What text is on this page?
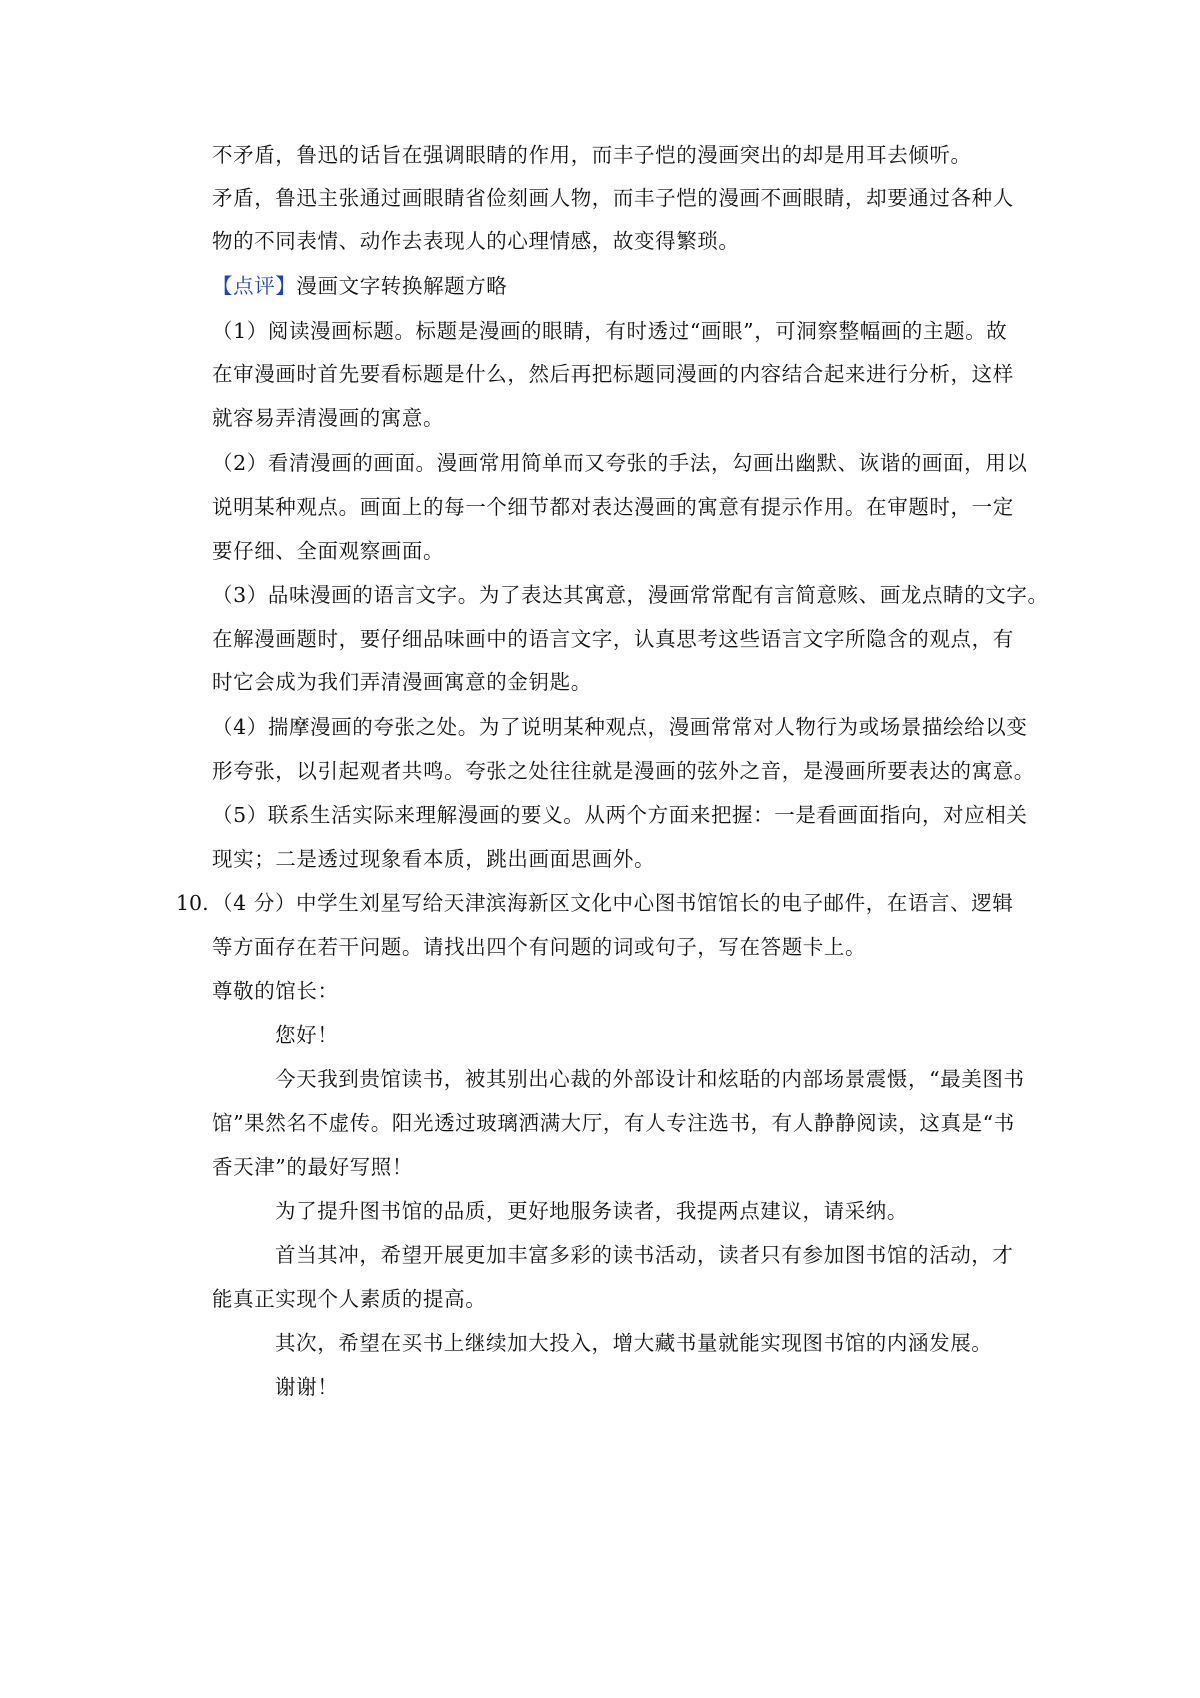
不矛盾，鲁迅的话旨在强调眼睛的作用，而丰子恺的漫画突出的却是用耳去倾听。
矛盾，鲁迅主张通过画眼睛省俭刻画人物，而丰子恺的漫画不画眼睛，却要通过各种人
物的不同表情、动作去表现人的心理情感，故变得繁琐。
【点评】漫画文字转换解题方略
（1）阅读漫画标题。标题是漫画的眼睛，有时透过“画眼”，可洞察整幅画的主题。故
在审漫画时首先要看标题是什么，然后再把标题同漫画的内容结合起来进行分析，这样
就容易弄清漫画的寓意。
（2）看清漫画的画面。漫画常用简单而又夸张的手法，勾画出幽默、诙谐的画面，用以
说明某种观点。画面上的每一个细节都对表达漫画的寓意有提示作用。在审题时，一定
要仔细、全面观察画面。
（3）品味漫画的语言文字。为了表达其寓意，漫画常常配有言简意赅、画龙点睛的文字。
在解漫画题时，要仔细品味画中的语言文字，认真思考这些语言文字所隐含的观点，有
时它会成为我们弄清漫画寓意的金钥匙。
（4）揣摩漫画的夸张之处。为了说明某种观点，漫画常常对人物行为或场景描绘给以变
形夸张，以引起观者共鸣。夸张之处往往就是漫画的弦外之音，是漫画所要表达的寓意。
（5）联系生活实际来理解漫画的要义。从两个方面来把握：一是看画面指向，对应相关
现实；二是透过现象看本质，跳出画面思画外。
10. （4 分）中学生刘星写给天津滨海新区文化中心图书馆馆长的电子邮件，在语言、逻辑
等方面存在若干问题。请找出四个有问题的词或句子，写在答题卡上。
尊敬的馆长：
您好！
今天我到贵馆读书，被其别出心裁的外部设计和炫聒的内部场景震慑，“最美图书
馆”果然名不虚传。阳光透过玻璃洒满大厅，有人专注选书，有人静静阅读，这真是“书
香天津”的最好写照！
为了提升图书馆的品质，更好地服务读者，我提两点建议，请采纳。
首当其冲，希望开展更加丰富多彩的读书活动，读者只有参加图书馆的活动，才
能真正实现个人素质的提高。
其次，希望在买书上继续加大投入，增大藏书量就能实现图书馆的内涵发展。
谢谢！
